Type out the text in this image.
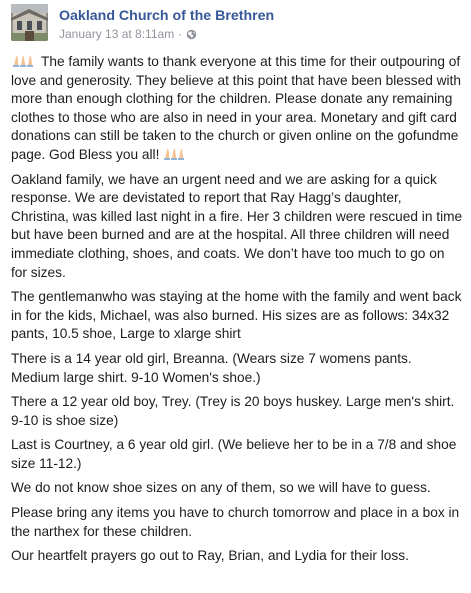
Oakland Church of the Brethren
January 13 at 8:11am ·

The family wants to thank everyone at this time for their outpouring of love and generosity. They believe at this point that have been blessed with more than enough clothing for the children. Please donate any remaining clothes to those who are also in need in your area. Monetary and gift card donations can still be taken to the church or given online on the gofundme page. God Bless you all!

Oakland family, we have an urgent need and we are asking for a quick response. We are devistated to report that Ray Hagg’s daughter, Christina, was killed last night in a fire. Her 3 children were rescued in time but have been burned and are at the hospital. All three children will need immediate clothing, shoes, and coats. We don’t have too much to go on for sizes.

The gentlemanwho was staying at the home with the family and went back in for the kids, Michael, was also burned. His sizes are as follows: 34x32 pants, 10.5 shoe, Large to xlarge shirt

There is a 14 year old girl, Breanna. (Wears size 7 womens pants. Medium large shirt. 9-10 Women's shoe.)

There a 12 year old boy, Trey. (Trey is 20 boys huskey. Large men's shirt. 9-10 is shoe size)

Last is Courtney, a 6 year old girl. (We believe her to be in a 7/8 and shoe size 11-12.)

We do not know shoe sizes on any of them, so we will have to guess.

Please bring any items you have to church tomorrow and place in a box in the narthex for these children.

Our heartfelt prayers go out to Ray, Brian, and Lydia for their loss.
